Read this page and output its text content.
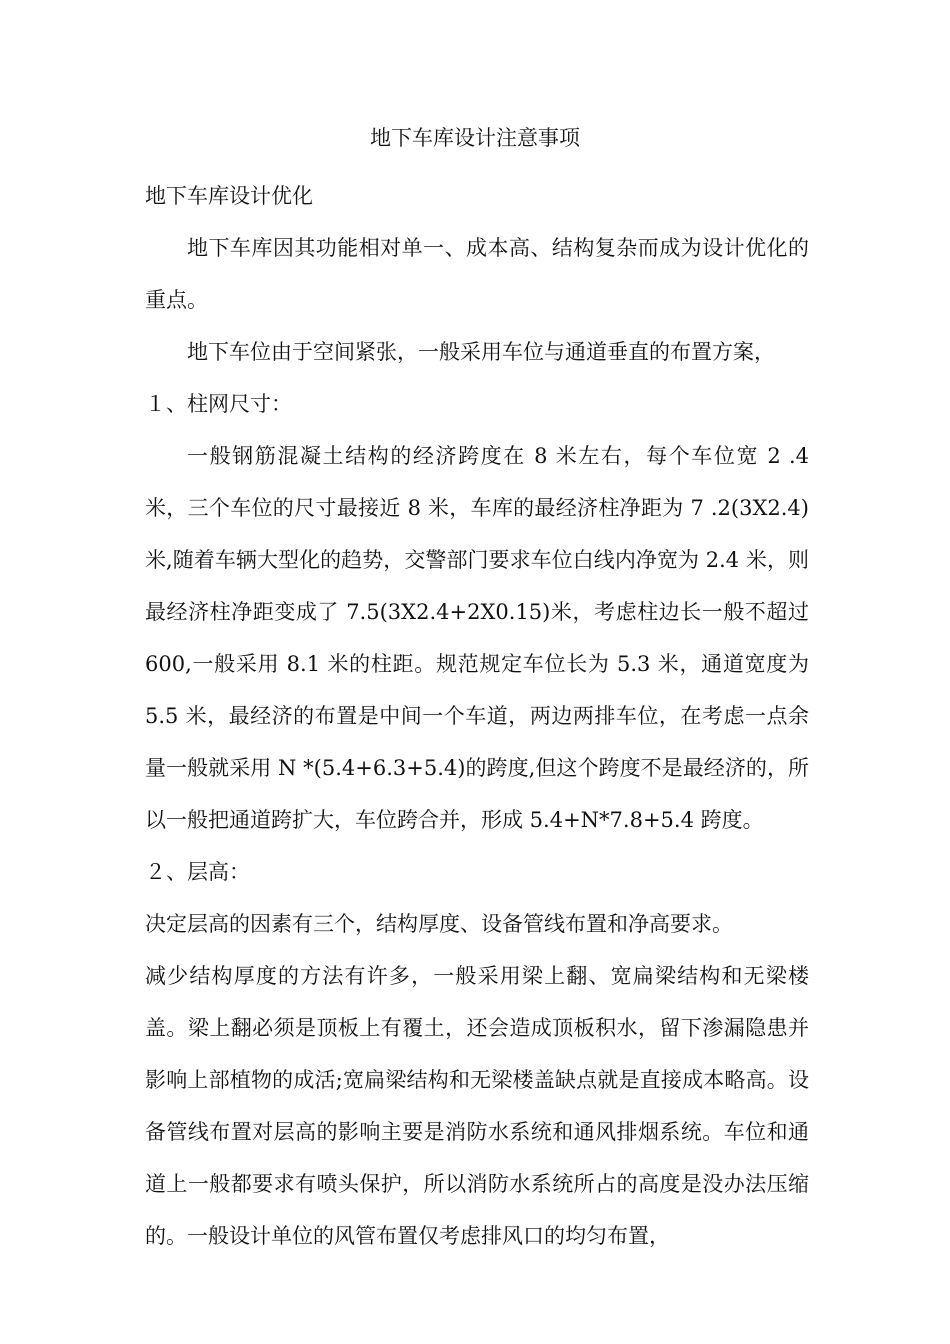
地下车库设计注意事项

地下车库设计优化

地下车库因其功能相对单一、成本高、结构复杂而成为设计优化的重点。

地下车位由于空间紧张，一般采用车位与通道垂直的布置方案，

１、柱网尺寸：

一般钢筋混凝土结构的经济跨度在 8 米左右，每个车位宽 2 .4 米，三个车位的尺寸最接近 8 米，车库的最经济柱净距为 7 .2(3X2.4)米,随着车辆大型化的趋势，交警部门要求车位白线内净宽为 2.4 米，则最经济柱净距变成了 7.5(3X2.4+2X0.15)米，考虑柱边长一般不超过 600,一般采用 8.1 米的柱距。规范规定车位长为 5.3 米，通道宽度为 5.5 米，最经济的布置是中间一个车道，两边两排车位，在考虑一点余量一般就采用 N *(5.4+6.3+5.4)的跨度,但这个跨度不是最经济的，所以一般把通道跨扩大，车位跨合并，形成 5.4+N*7.8+5.4 跨度。

２、层高：

决定层高的因素有三个，结构厚度、设备管线布置和净高要求。

减少结构厚度的方法有许多，一般采用梁上翻、宽扁梁结构和无梁楼盖。梁上翻必须是顶板上有覆土，还会造成顶板积水，留下渗漏隐患并影响上部植物的成活;宽扁梁结构和无梁楼盖缺点就是直接成本略高。设备管线布置对层高的影响主要是消防水系统和通风排烟系统。车位和通道上一般都要求有喷头保护，所以消防水系统所占的高度是没办法压缩的。一般设计单位的风管布置仅考虑排风口的均匀布置，
